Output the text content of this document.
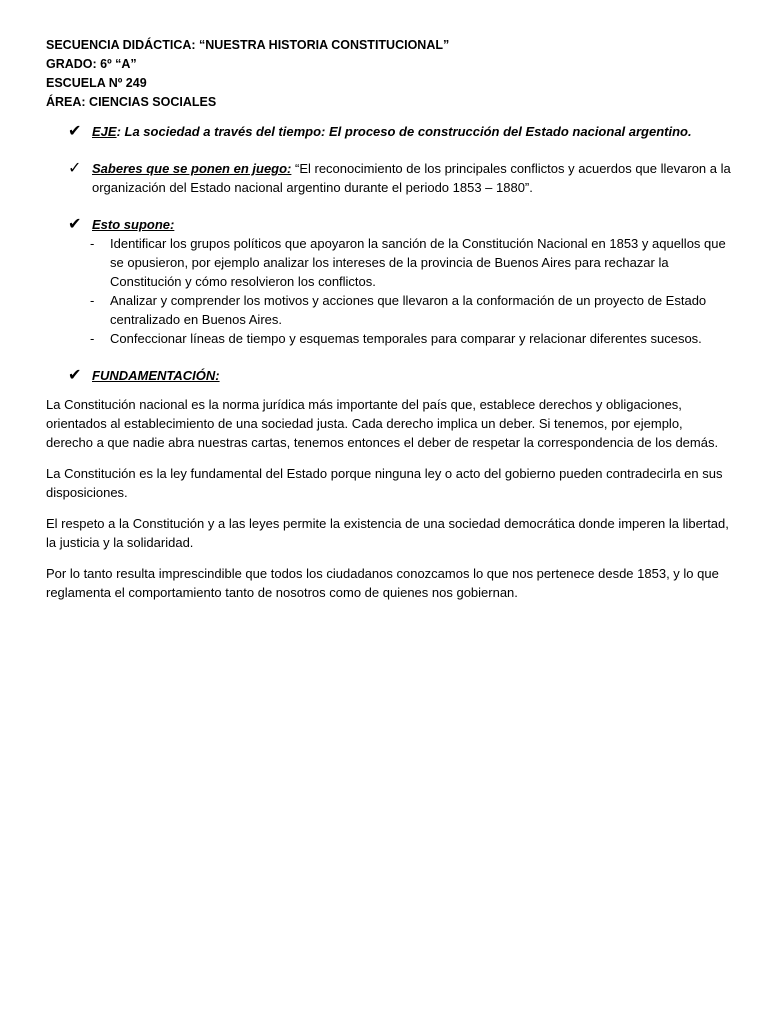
SECUENCIA DIDÁCTICA: “NUESTRA HISTORIA CONSTITUCIONAL”

GRADO: 6º “A”

ESCUELA Nº 249

ÁREA: CIENCIAS SOCIALES

✔ EJE: La sociedad a través del tiempo: El proceso de construcción del Estado nacional argentino.
✓ Saberes que se ponen en juego: “El reconocimiento de los principales conflictos y acuerdos que llevaron a la organización del Estado nacional argentino durante el periodo 1853 – 1880”.
✔ Esto supone:
- Identificar los grupos políticos que apoyaron la sanción de la Constitución Nacional en 1853 y aquellos que se opusieron, por ejemplo analizar los intereses de la provincia de Buenos Aires para rechazar la Constitución y cómo resolvieron los conflictos.
- Analizar y comprender los motivos y acciones que llevaron a la conformación de un proyecto de Estado centralizado en Buenos Aires.
- Confeccionar líneas de tiempo y esquemas temporales para comparar y relacionar diferentes sucesos.
✔ FUNDAMENTACIÓN:

La Constitución nacional es la norma jurídica más importante del país que, establece derechos y obligaciones, orientados al establecimiento de una sociedad justa. Cada derecho implica un deber. Si tenemos, por ejemplo, derecho a que nadie abra nuestras cartas, tenemos entonces el deber de respetar la correspondencia de los demás.

La Constitución es la ley fundamental del Estado porque ninguna ley o acto del gobierno pueden contradecirla en sus disposiciones.

El respeto a la Constitución y a las leyes permite la existencia de una sociedad democrática donde imperen la libertad, la justicia y la solidaridad.

Por lo tanto resulta imprescindible que todos los ciudadanos conozcamos lo que nos pertenece desde 1853, y lo que reglamenta el comportamiento tanto de nosotros como de quienes nos gobiernan.
